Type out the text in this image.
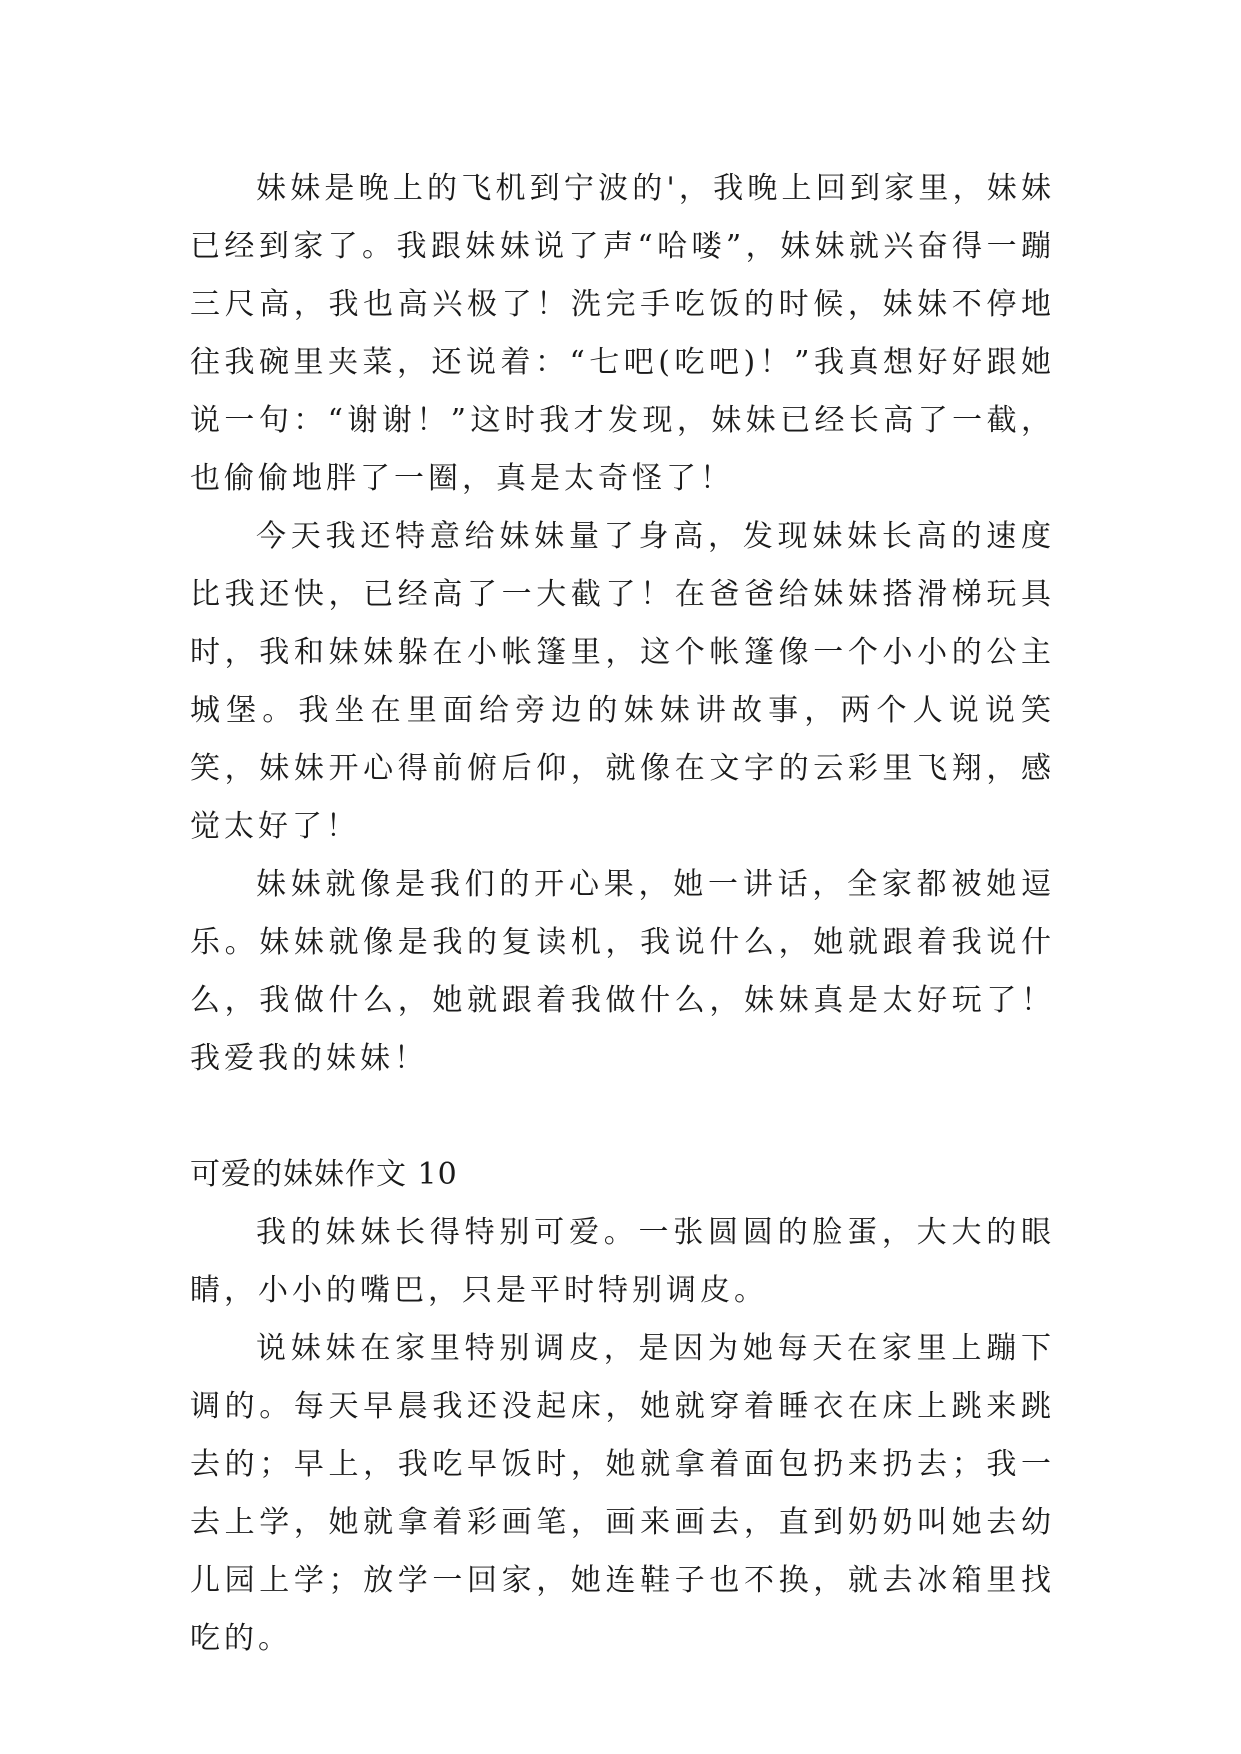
妹妹是晚上的飞机到宁波的'，我晚上回到家里，妹妹已经到家了。我跟妹妹说了声“哈喽”，妹妹就兴奋得一蹦三尺高，我也高兴极了！洗完手吃饭的时候，妹妹不停地往我碗里夹菜，还说着：“七吧(吃吧)！”我真想好好跟她说一句：“谢谢！”这时我才发现，妹妹已经长高了一截，也偷偷地胖了一圈，真是太奇怪了！

今天我还特意给妹妹量了身高，发现妹妹长高的速度比我还快，已经高了一大截了！在爸爸给妹妹搭滑梯玩具时，我和妹妹躲在小帐篷里，这个帐篷像一个小小的公主城堡。我坐在里面给旁边的妹妹讲故事，两个人说说笑笑，妹妹开心得前俯后仰，就像在文字的云彩里飞翔，感觉太好了！

妹妹就像是我们的开心果，她一讲话，全家都被她逗乐。妹妹就像是我的复读机，我说什么，她就跟着我说什么，我做什么，她就跟着我做什么，妹妹真是太好玩了！我爱我的妹妹！

可爱的妹妹作文 10

我的妹妹长得特别可爱。一张圆圆的脸蛋，大大的眼睛，小小的嘴巴，只是平时特别调皮。

说妹妹在家里特别调皮，是因为她每天在家里上蹦下调的。每天早晨我还没起床，她就穿着睡衣在床上跳来跳去的；早上，我吃早饭时，她就拿着面包扔来扔去；我一去上学，她就拿着彩画笔，画来画去，直到奶奶叫她去幼儿园上学；放学一回家，她连鞋子也不换，就去冰箱里找吃的。
